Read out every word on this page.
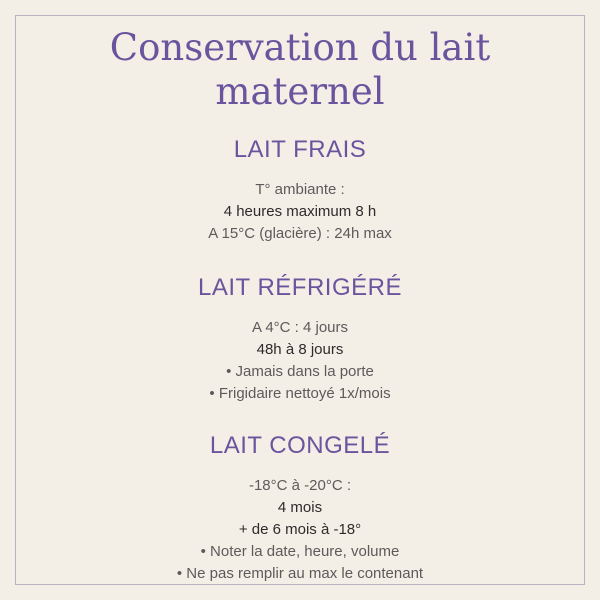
Conservation du lait
maternel
LAIT FRAIS

T° ambiante :

4 heures maximum 8 h

A 15°C (glacière) : 24h max

LAIT RÉFRIGÉRÉ

A 4°C : 4 jours

48h à 8 jours

• Jamais dans la porte

• Frigidaire nettoyé 1x/mois

LAIT CONGELÉ

-18°C à -20°C :

4 mois

+ de 6 mois à -18°

• Noter la date, heure, volume

• Ne pas remplir au max le contenant
